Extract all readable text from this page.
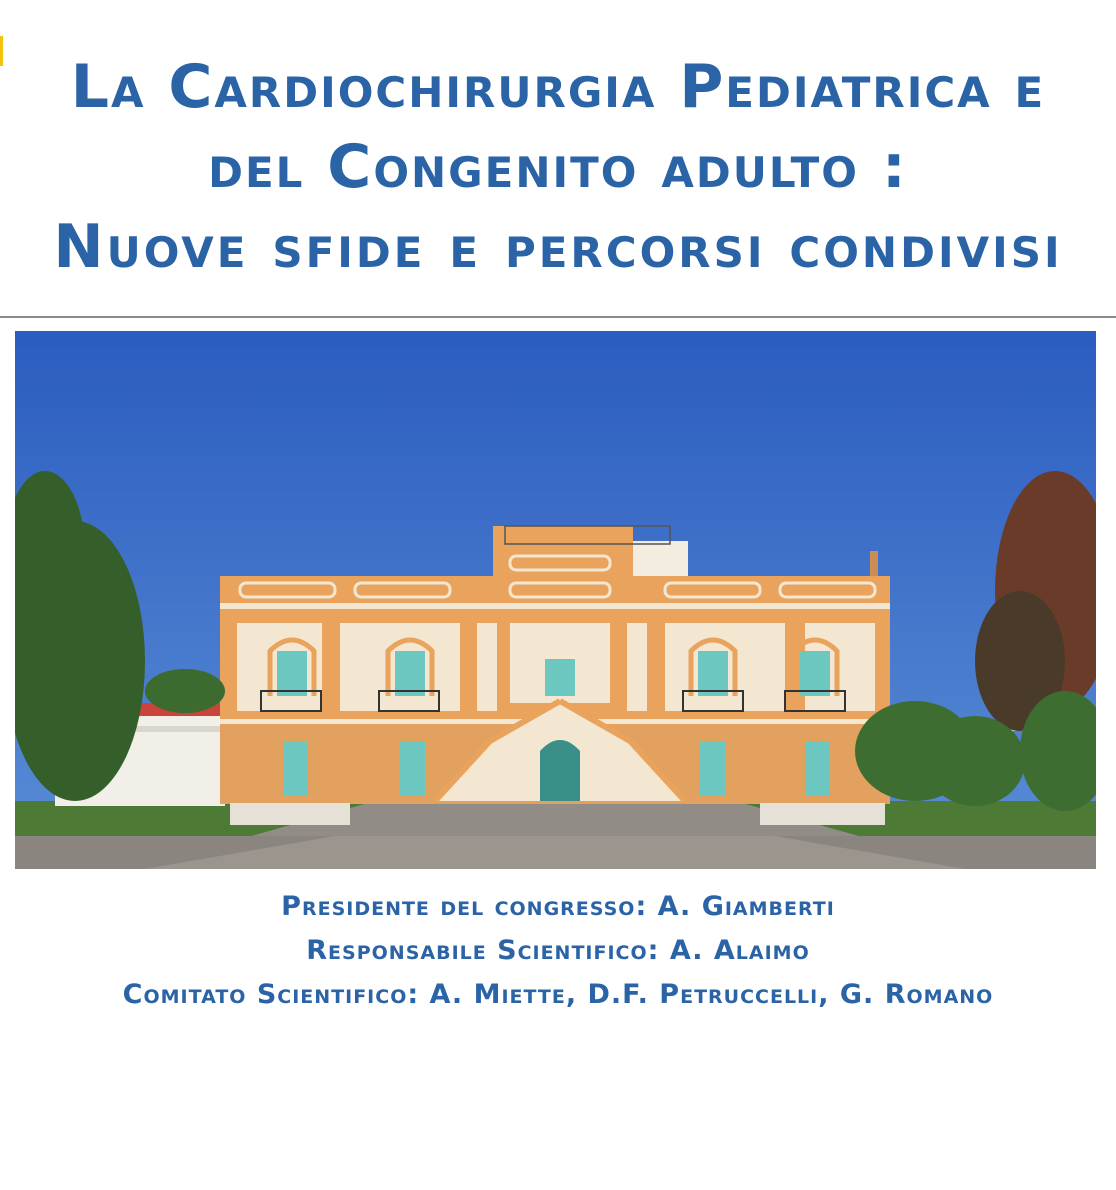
La Cardiochirurgia Pediatrica e
del Congenito adulto :
Nuove sfide e percorsi condivisi
Presidente del congresso: A. Giamberti
Responsabile Scientifico: A. Alaimo
Comitato Scientifico: A. Miette, D.F. Petruccelli, G. Romano
